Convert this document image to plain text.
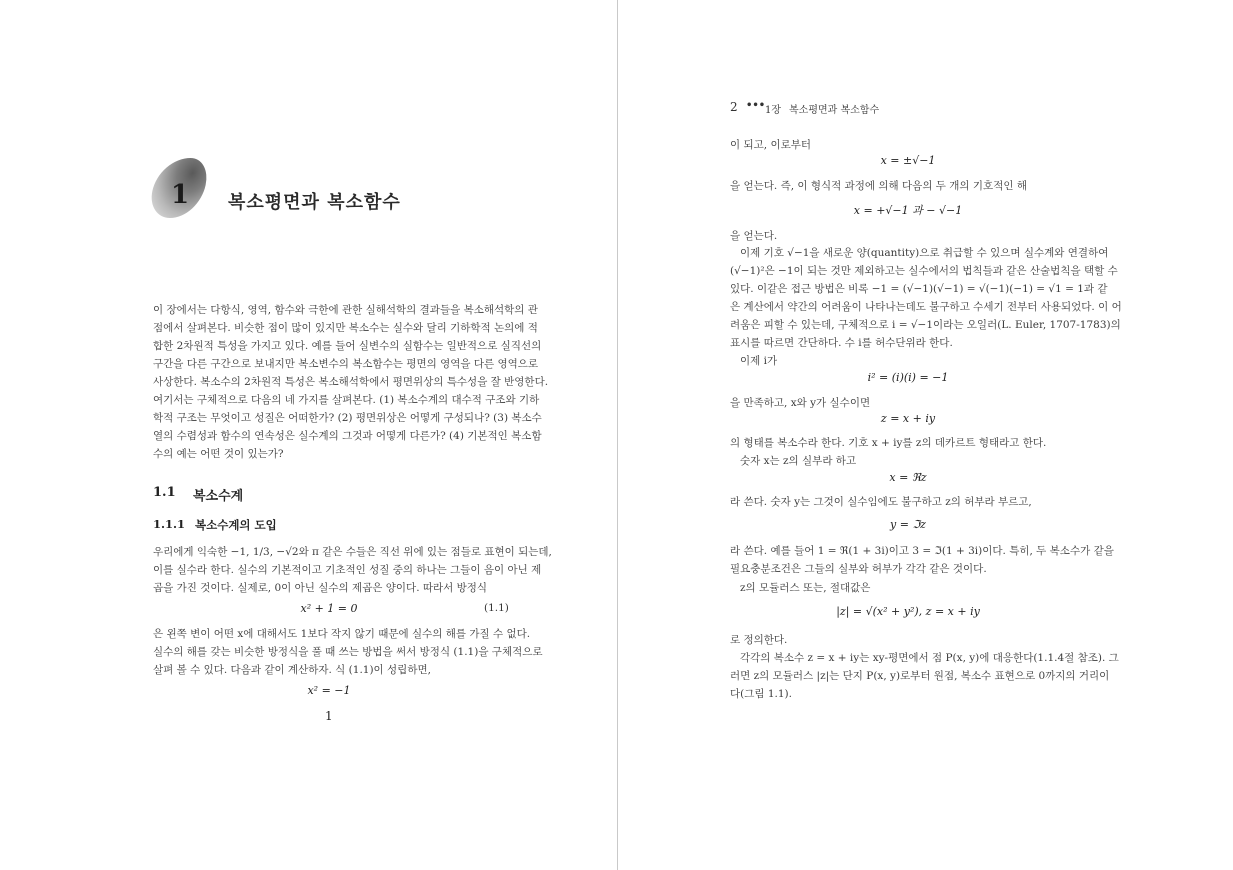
1 복소평면과 복소함수
이 장에서는 다항식, 영역, 함수와 극한에 관한 실해석학의 결과들을 복소해석학의 관
점에서 살펴본다. 비슷한 점이 많이 있지만 복소수는 실수와 달리 기하학적 논의에 적
합한 2차원적 특성을 가지고 있다. 예를 들어 실변수의 실함수는 일반적으로 실직선의
구간을 다른 구간으로 보내지만 복소변수의 복소함수는 평면의 영역을 다른 영역으로
사상한다. 복소수의 2차원적 특성은 복소해석학에서 평면위상의 특수성을 잘 반영한다.
여기서는 구체적으로 다음의 네 가지를 살펴본다. (1) 복소수계의 대수적 구조와 기하
학적 구조는 무엇이고 성질은 어떠한가? (2) 평면위상은 어떻게 구성되나? (3) 복소수
열의 수렴성과 함수의 연속성은 실수계의 그것과 어떻게 다른가? (4) 기본적인 복소함
수의 예는 어떤 것이 있는가?
1.1 복소수계
1.1.1 복소수계의 도입
우리에게 익숙한 −1, 1/3, −√2와 π 같은 수들은 직선 위에 있는 점들로 표현이 되는데,
이를 실수라 한다. 실수의 기본적이고 기초적인 성질 중의 하나는 그들이 음이 아닌 제
곱을 가진 것이다. 실제로, 0이 아닌 실수의 제곱은 양이다. 따라서 방정식
x² + 1 = 0	(1.1)
은 왼쪽 변이 어떤 x에 대해서도 1보다 작지 않기 때문에 실수의 해를 가질 수 없다.
실수의 해를 갖는 비슷한 방정식을 풀 때 쓰는 방법을 써서 방정식 (1.1)을 구체적으로
살펴 볼 수 있다. 다음과 같이 계산하자. 식 (1.1)이 성립하면,
x² = −1
1
2 ••• 1장 복소평면과 복소함수
이 되고, 이로부터
x = ±√−1
을 얻는다. 즉, 이 형식적 과정에 의해 다음의 두 개의 기호적인 해
x = +√−1 과 − √−1
을 얻는다.
이제 기호 √−1을 새로운 양(quantity)으로 취급할 수 있으며 실수계와 연결하여
(√−1)²은 −1이 되는 것만 제외하고는 실수에서의 법칙들과 같은 산술법칙을 택할 수
있다. 이같은 접근 방법은 비록 −1 = (√−1)(√−1) = √(−1)(−1) = √1 = 1과 같
은 계산에서 약간의 어려움이 나타나는데도 불구하고 수세기 전부터 사용되었다. 이 어
려움은 피할 수 있는데, 구체적으로 i = √−1이라는 오일러(L. Euler, 1707-1783)의
표시를 따르면 간단하다. 수 i를 허수단위라 한다.
이제 i가
i² = (i)(i) = −1
을 만족하고, x와 y가 실수이면
z = x + iy
의 형태를 복소수라 한다. 기호 x + iy를 z의 데카르트 형태라고 한다.
숫자 x는 z의 실부라 하고
x = ℜz
라 쓴다. 숫자 y는 그것이 실수임에도 불구하고 z의 허부라 부르고,
y = ℑz
라 쓴다. 예를 들어 1 = ℜ(1 + 3i)이고 3 = ℑ(1 + 3i)이다. 특히, 두 복소수가 같을
필요충분조건은 그들의 실부와 허부가 각각 같은 것이다.
z의 모듈러스 또는, 절대값은
|z| = √(x² + y²), z = x + iy
로 정의한다.
각각의 복소수 z = x + iy는 xy-평면에서 점 P(x, y)에 대응한다(1.1.4절 참조). 그
러면 z의 모듈러스 |z|는 단지 P(x, y)로부터 원점, 복소수 표현으로 0까지의 거리이
다(그림 1.1).
